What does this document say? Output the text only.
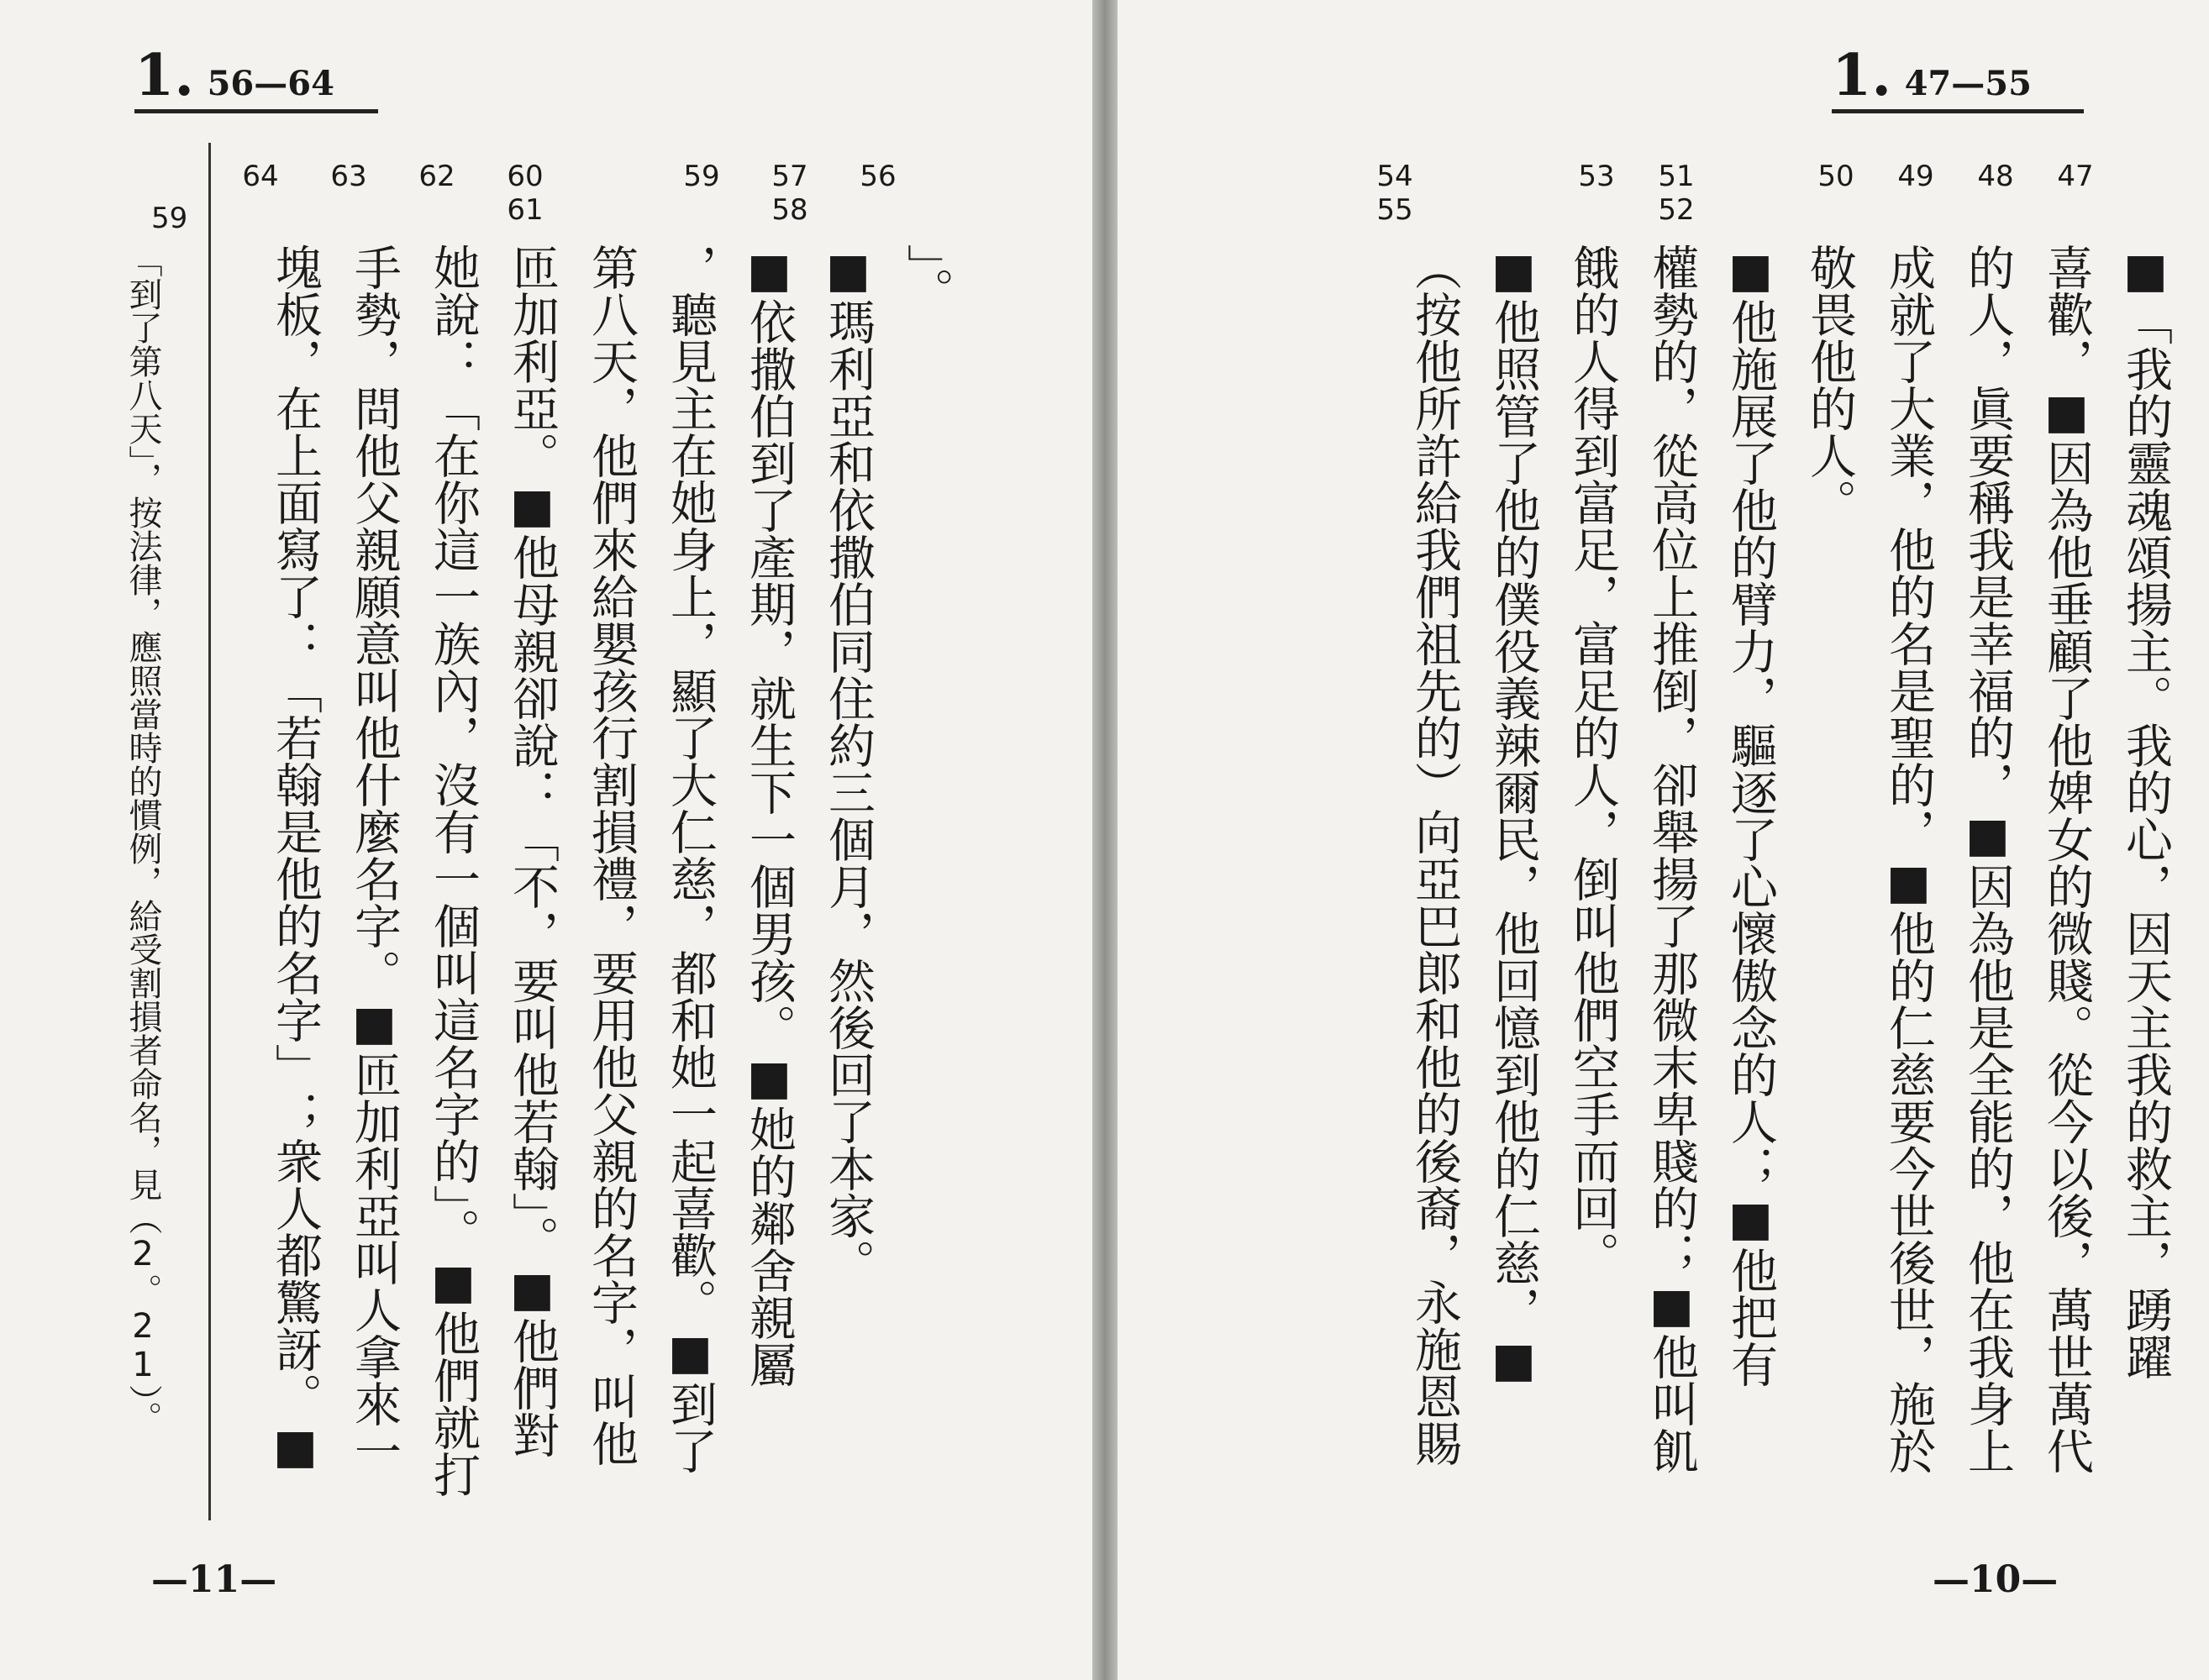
1. 56—64
64 63 62 60
61
59 57
58
56
」。
■瑪利亞和依撒伯同住約三個月，然後回了本家。
■依撒伯到了產期，就生下一個男孩。■她的鄰舍親屬
，聽見主在她身上，顯了大仁慈，都和她一起喜歡。■到了
第八天，他們來給嬰孩行割損禮，要用他父親的名字，叫他
匝加利亞。■他母親卻說：「不，要叫他若翰」。■他們對
她說：「在你這一族內，沒有一個叫這名字的」。■他們就打
手勢，問他父親願意叫他什麼名字。■匝加利亞叫人拿來一
塊板，在上面寫了：「若翰是他的名字」；衆人都驚訝。■
59
「到了第八天」，按法律，應照當時的慣例，給受割損者命名，見（2。21）。
—11—
1. 47—55
47
48
49
50
51
52
53
54
55
■「我的靈魂頌揚主。我的心，因天主我的救主，踴躍
喜歡，■因為他垂顧了他婢女的微賤。從今以後，萬世萬代
的人，眞要稱我是幸福的，■因為他是全能的，他在我身上
成就了大業，他的名是聖的，■他的仁慈要今世後世，施於
敬畏他的人。
■他施展了他的臂力，驅逐了心懷傲念的人；■他把有
權勢的，從高位上推倒，卻舉揚了那微末卑賤的；■他叫飢
餓的人得到富足，富足的人，倒叫他們空手而回。
■他照管了他的僕役義辣爾民，他回憶到他的仁慈，■
（按他所許給我們祖先的）向亞巴郎和他的後裔，永施恩賜
—10—
